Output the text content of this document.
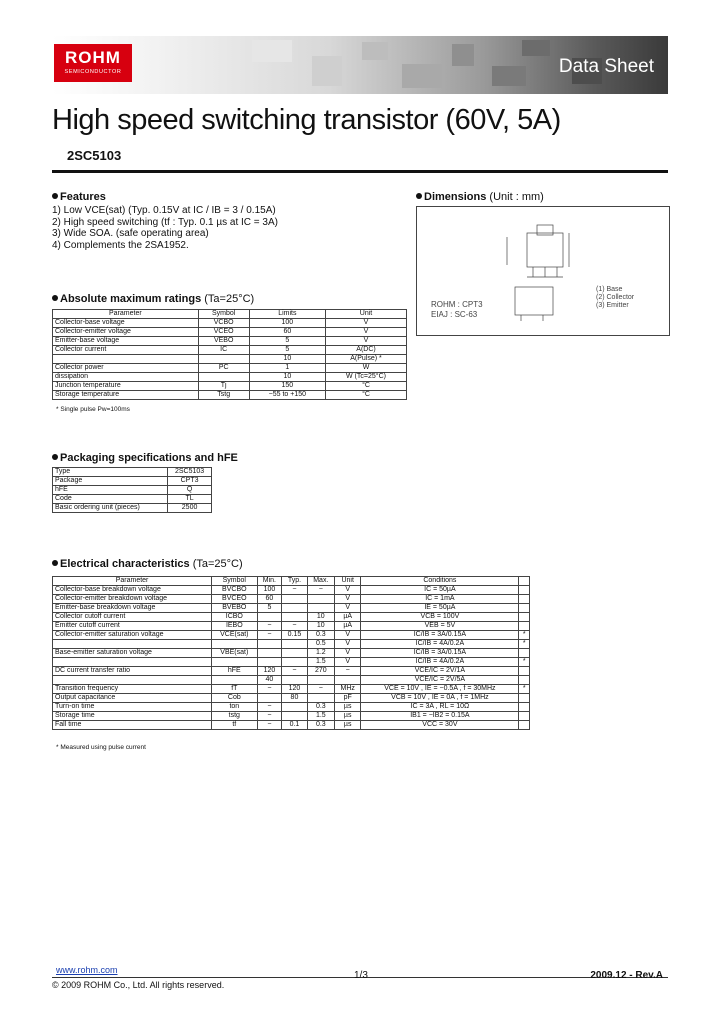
ROHM
SEMICONDUCTOR	Data Sheet
High speed switching transistor (60V, 5A)
2SC5103
Features
1) Low VCE(sat) (Typ. 0.15V at IC / IB = 3 / 0.15A)
2) High speed switching (tf : Typ. 0.1 µs at IC = 3A)
3) Wide SOA. (safe operating area)
4) Complements the 2SA1952.
Dimensions (Unit : mm)
(1) Base
(2) Collector
(3) Emitter
ROHM : CPT3
EIAJ : SC-63
Absolute maximum ratings (Ta=25°C)
Parameter	Symbol	Limits	Unit
Collector-base voltage	VCBO	100	V
Collector-emitter voltage	VCEO	60	V
Emitter-base voltage	VEBO	5	V
Collector current	IC	5	A(DC)
		10	A(Pulse) *
Collector power	PC	1	W
dissipation		10	W (Tc=25°C)
Junction temperature	Tj	150	°C
Storage temperature	Tstg	−55 to +150	°C
* Single pulse Pw=100ms
Packaging specifications and hFE
Type	2SC5103
Package	CPT3
hFE	Q
Code	TL
Basic ordering unit (pieces)	2500
Electrical characteristics (Ta=25°C)
Parameter	Symbol	Min.	Typ.	Max.	Unit	Conditions	
Collector-base breakdown voltage	BVCBO	100	−	−	V	IC = 50µA	
Collector-emitter breakdown voltage	BVCEO	60			V	IC = 1mA	
Emitter-base breakdown voltage	BVEBO	5			V	IE = 50µA	
Collector cutoff current	ICBO			10	µA	VCB = 100V	
Emitter cutoff current	IEBO	−	−	10	µA	VEB = 5V	
Collector-emitter saturation voltage	VCE(sat)	−	0.15	0.3	V	IC/IB = 3A/0.15A	*
				0.5	V	IC/IB = 4A/0.2A	*
Base-emitter saturation voltage	VBE(sat)			1.2	V	IC/IB = 3A/0.15A	
				1.5	V	IC/IB = 4A/0.2A	*
DC current transfer ratio	hFE	120	−	270	−	VCE/IC = 2V/1A	
		40				VCE/IC = 2V/5A	
Transition frequency	fT	−	120	−	MHz	VCE = 10V , IE = −0.5A , f = 30MHz	*
Output capacitance	Cob		80		pF	VCB = 10V , IE = 0A , f = 1MHz	
Turn-on time	ton	−		0.3	µs	IC = 3A , RL = 10Ω	
Storage time	tstg	−		1.5	µs	IB1 = −IB2 = 0.15A	
Fall time	tf	−	0.1	0.3	µs	VCC = 30V	
* Measured using pulse current
www.rohm.com
© 2009 ROHM Co., Ltd. All rights reserved.
1/3	2009.12 - Rev.A
